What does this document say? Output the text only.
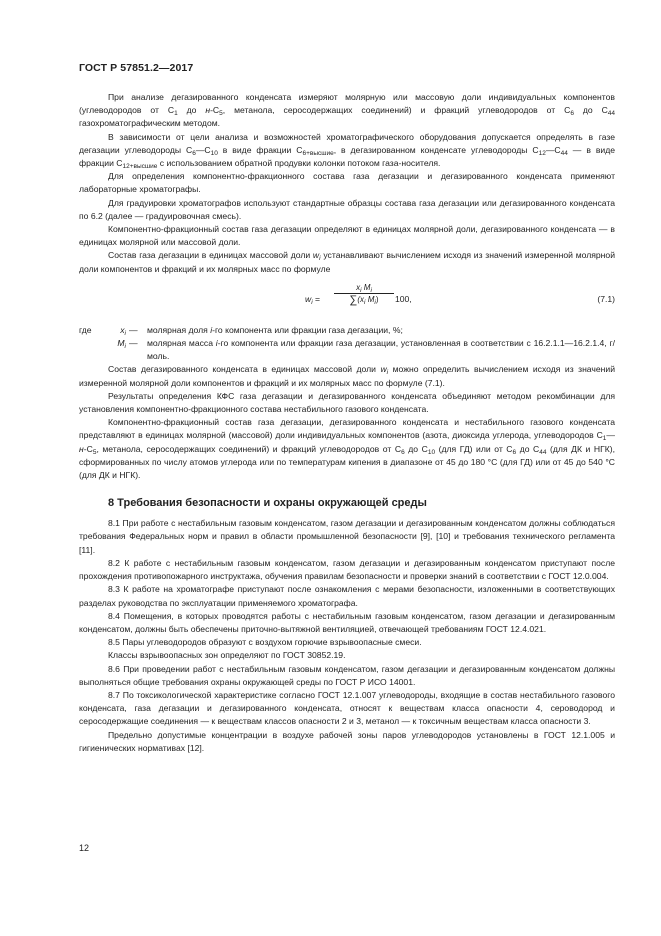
ГОСТ Р 57851.2—2017

При анализе дегазированного конденсата измеряют молярную или массовую доли индивидуальных компонентов (углеводородов от $C_1$ до $н-C_5$, метанола, серосодержащих соединений) и фракций углеводородов от $C_6$ до $C_{44}$ газохроматографическим методом.

В зависимости от цели анализа и возможностей хроматографического оборудования допускается определять в газе дегазации углеводороды $C_6—C_{10}$ в виде фракции $C_{6+высшие}$, в дегазированном конденсате углеводороды $C_{12}—C_{44}$ — в виде фракции $C_{12+высшие}$ с использованием обратной продувки колонки потоком газа-носителя.

Для определения компонентно-фракционного состава газа дегазации и дегазированного конденсата применяют лабораторные хроматографы.

Для градуировки хроматографов используют стандартные образцы состава газа дегазации или дегазированного конденсата по 6.2 (далее — градуировочная смесь).

Компонентно-фракционный состав газа дегазации определяют в единицах молярной доли, дегазированного конденсата — в единицах молярной или массовой доли.

Состав газа дегазации в единицах массовой доли $w_i$ устанавливают вычислением исходя из значений измеренной молярной доли компонентов и фракций и их молярных масс по формуле

$w_i$ =
$x_i$ $M_i$
$\sum(x_i$ $M_i$)	100,	(7.1)
где	$x_i$ — молярная доля i-го компонента или фракции газа дегазации, %;
$M_i$ — молярная масса i-го компонента или фракции газа дегазации, установленная в соответствии с 16.2.1.1—16.2.1.4, г/моль.

Состав дегазированного конденсата в единицах массовой доли $w_i$ можно определить вычислением исходя из значений измеренной молярной доли компонентов и фракций и их молярных масс по формуле (7.1).

Результаты определения КФС газа дегазации и дегазированного конденсата объединяют методом рекомбинации для установления компонентно-фракционного состава нестабильного газового конденсата.

Компонентно-фракционный состав газа дегазации, дегазированного конденсата и нестабильного газового конденсата представляют в единицах молярной (массовой) доли индивидуальных компонентов (азота, диоксида углерода, углеводородов $C_1—н-C_5$, метанола, серосодержащих соединений) и фракций углеводородов от $C_6$ до $C_{10}$ (для ГД) или от $C_6$ до $C_{44}$ (для ДК и НГК), сформированных по числу атомов углерода или по температурам кипения в диапазоне от 45 до 180 °C (для ГД) или от 45 до 540 °C (для ДК и НГК).

8 Требования безопасности и охраны окружающей среды

8.1 При работе с нестабильным газовым конденсатом, газом дегазации и дегазированным конденсатом должны соблюдаться требования Федеральных норм и правил в области промышленной безопасности [9], [10] и требования технического регламента [11].

8.2 К работе с нестабильным газовым конденсатом, газом дегазации и дегазированным конденсатом приступают после прохождения противопожарного инструктажа, обучения правилам безопасности и проверки знаний в соответствии с ГОСТ 12.0.004.

8.3 К работе на хроматографе приступают после ознакомления с мерами безопасности, изложенными в соответствующих разделах руководства по эксплуатации применяемого хроматографа.

8.4 Помещения, в которых проводятся работы с нестабильным газовым конденсатом, газом дегазации и дегазированным конденсатом, должны быть обеспечены приточно-вытяжной вентиляцией, отвечающей требованиям ГОСТ 12.4.021.

8.5 Пары углеводородов образуют с воздухом горючие взрывоопасные смеси.

Классы взрывоопасных зон определяют по ГОСТ 30852.19.

8.6 При проведении работ с нестабильным газовым конденсатом, газом дегазации и дегазированным конденсатом должны выполняться общие требования охраны окружающей среды по ГОСТ Р ИСО 14001.

8.7 По токсикологической характеристике согласно ГОСТ 12.1.007 углеводороды, входящие в состав нестабильного газового конденсата, газа дегазации и дегазированного конденсата, относят к веществам класса опасности 4, сероводород и серосодержащие соединения — к веществам классов опасности 2 и 3, метанол — к токсичным веществам класса опасности 3.

Предельно допустимые концентрации в воздухе рабочей зоны паров углеводородов установлены в ГОСТ 12.1.005 и гигиенических нормативах [12].

12
